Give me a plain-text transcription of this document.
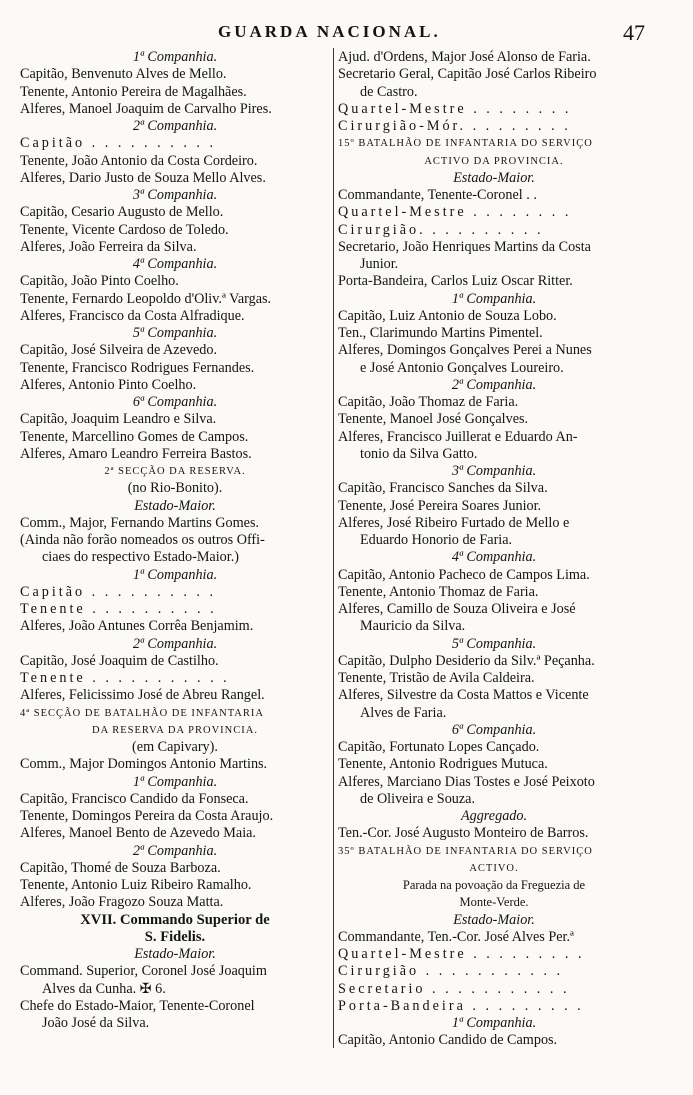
GUARDA NACIONAL.	47
1ª Companhia.
Capitão, Benvenuto Alves de Mello.
Tenente, Antonio Pereira de Magalhães.
Alferes, Manoel Joaquim de Carvalho Pires.
2ª Companhia.
Capitão . . . . . . . . . .
Tenente, João Antonio da Costa Cordeiro.
Alferes, Dario Justo de Souza Mello Alves.
3ª Companhia.
Capitão, Cesario Augusto de Mello.
Tenente, Vicente Cardoso de Toledo.
Alferes, João Ferreira da Silva.
4ª Companhia.
Capitão, João Pinto Coelho.
Tenente, Fernardo Leopoldo d'Oliv.ª Vargas.
Alferes, Francisco da Costa Alfradique.
5ª Companhia.
Capitão, José Silveira de Azevedo.
Tenente, Francisco Rodrigues Fernandes.
Alferes, Antonio Pinto Coelho.
6ª Companhia.
Capitão, Joaquim Leandro e Silva.
Tenente, Marcellino Gomes de Campos.
Alferes, Amaro Leandro Ferreira Bastos.
2ª SECÇÃO DA RESERVA.
(no Rio-Bonito).
Estado-Maior.
Comm., Major, Fernando Martins Gomes.
(Ainda não forão nomeados os outros Offi-
ciaes do respectivo Estado-Maior.)
1ª Companhia.
Capitão . . . . . . . . . .
Tenente . . . . . . . . . .
Alferes, João Antunes Corrêa Benjamim.
2ª Companhia.
Capitão, José Joaquim de Castilho.
Tenente . . . . . . . . . . .
Alferes, Felicissimo José de Abreu Rangel.
4ª SECÇÃO DE BATALHÃO DE INFANTARIA
DA RESERVA DA PROVINCIA.
(em Capivary).
Comm., Major Domingos Antonio Martins.
1ª Companhia.
Capitão, Francisco Candido da Fonseca.
Tenente, Domingos Pereira da Costa Araujo.
Alferes, Manoel Bento de Azevedo Maia.
2ª Companhia.
Capitão, Thomé de Souza Barboza.
Tenente, Antonio Luiz Ribeiro Ramalho.
Alferes, João Fragozo Souza Matta.
XVII. Commando Superior de
S. Fidelis.
Estado-Maior.
Command. Superior, Coronel José Joaquim
Alves da Cunha. ✠ 6.
Chefe do Estado-Maior, Tenente-Coronel
João José da Silva.
Ajud. d'Ordens, Major José Alonso de Faria.
Secretario Geral, Capitão José Carlos Ribeiro
de Castro.
Quartel-Mestre . . . . . . . .
Cirurgião-Mór. . . . . . . . .
15º BATALHÃO DE INFANTARIA DO SERVIÇO
ACTIVO DA PROVINCIA.
Estado-Maior.
Commandante, Tenente-Coronel . .
Quartel-Mestre . . . . . . . .
Cirurgião. . . . . . . . . .
Secretario, João Henriques Martins da Costa
Junior.
Porta-Bandeira, Carlos Luiz Oscar Ritter.
1ª Companhia.
Capitão, Luiz Antonio de Souza Lobo.
Ten., Clarimundo Martins Pimentel.
Alferes, Domingos Gonçalves Perei a Nunes
e José Antonio Gonçalves Loureiro.
2ª Companhia.
Capitão, João Thomaz de Faria.
Tenente, Manoel José Gonçalves.
Alferes, Francisco Juillerat e Eduardo An-
tonio da Silva Gatto.
3ª Companhia.
Capitão, Francisco Sanches da Silva.
Tenente, José Pereira Soares Junior.
Alferes, José Ribeiro Furtado de Mello e
Eduardo Honorio de Faria.
4ª Companhia.
Capitão, Antonio Pacheco de Campos Lima.
Tenente, Antonio Thomaz de Faria.
Alferes, Camillo de Souza Oliveira e José
Mauricio da Silva.
5ª Companhia.
Capitão, Dulpho Desiderio da Silv.ª Peçanha.
Tenente, Tristão de Avila Caldeira.
Alferes, Silvestre da Costa Mattos e Vicente
Alves de Faria.
6ª Companhia.
Capitão, Fortunato Lopes Cançado.
Tenente, Antonio Rodrigues Mutuca.
Alferes, Marciano Dias Tostes e José Peixoto
de Oliveira e Souza.
Aggregado.
Ten.-Cor. José Augusto Monteiro de Barros.
35º BATALHÃO DE INFANTARIA DO SERVIÇO
ACTIVO.
Parada na povoação da Freguezia de
Monte-Verde.
Estado-Maior.
Commandante, Ten.-Cor. José Alves Per.ª
Quartel-Mestre . . . . . . . . .
Cirurgião . . . . . . . . . . .
Secretario . . . . . . . . . . .
Porta-Bandeira . . . . . . . . .
1ª Companhia.
Capitão, Antonio Candido de Campos.
